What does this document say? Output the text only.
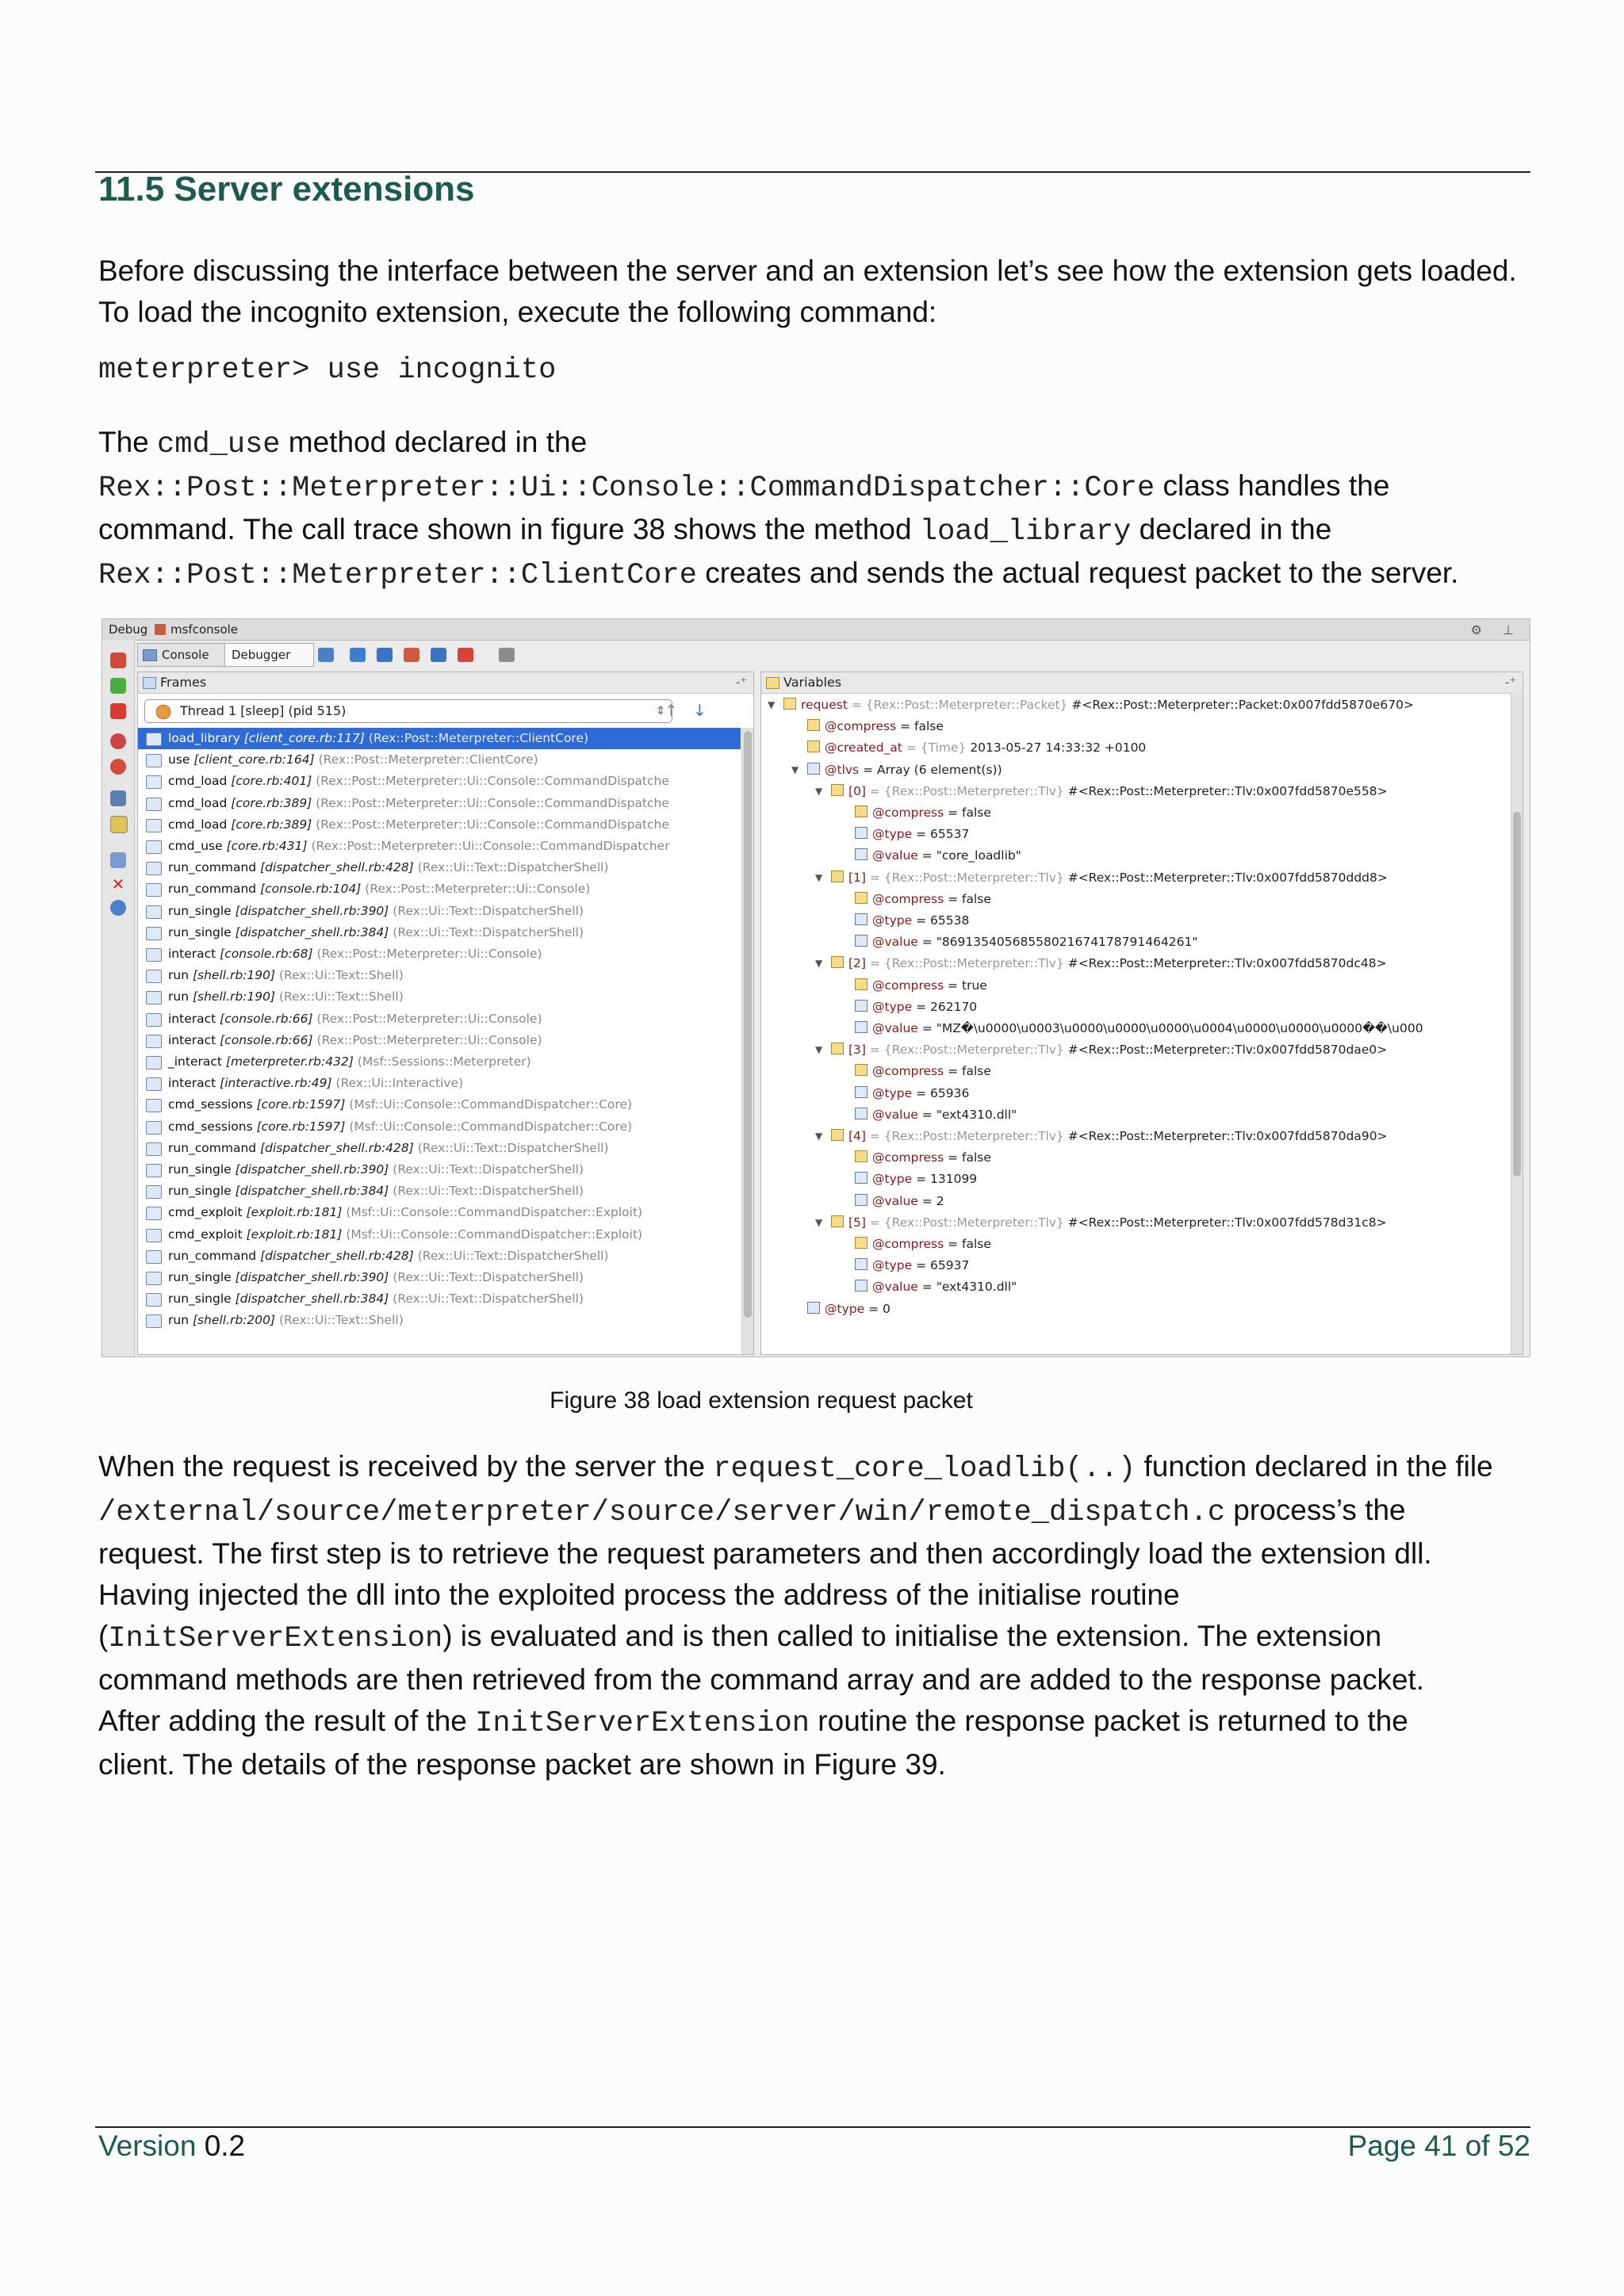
11.5 Server extensions
Before discussing the interface between the server and an extension let’s see how the extension gets loaded. To load the incognito extension, execute the following command:
meterpreter> use incognito
The cmd_use method declared in the
Rex::Post::Meterpreter::Ui::Console::CommandDispatcher::Core class handles the
command. The call trace shown in figure 38 shows the method load_library declared in the
Rex::Post::Meterpreter::ClientCore creates and sends the actual request packet to the server.
Debug msfconsole	⚙ ⊥
✕
Console	Debugger
Frames	-⁺
Thread 1 [sleep] (pid 515)	⇕ ↑ ↓
load_library [client_core.rb:117] (Rex::Post::Meterpreter::ClientCore)
use [client_core.rb:164] (Rex::Post::Meterpreter::ClientCore)
cmd_load [core.rb:401] (Rex::Post::Meterpreter::Ui::Console::CommandDispatche
cmd_load [core.rb:389] (Rex::Post::Meterpreter::Ui::Console::CommandDispatche
cmd_load [core.rb:389] (Rex::Post::Meterpreter::Ui::Console::CommandDispatche
cmd_use [core.rb:431] (Rex::Post::Meterpreter::Ui::Console::CommandDispatcher
run_command [dispatcher_shell.rb:428] (Rex::Ui::Text::DispatcherShell)
run_command [console.rb:104] (Rex::Post::Meterpreter::Ui::Console)
run_single [dispatcher_shell.rb:390] (Rex::Ui::Text::DispatcherShell)
run_single [dispatcher_shell.rb:384] (Rex::Ui::Text::DispatcherShell)
interact [console.rb:68] (Rex::Post::Meterpreter::Ui::Console)
run [shell.rb:190] (Rex::Ui::Text::Shell)
run [shell.rb:190] (Rex::Ui::Text::Shell)
interact [console.rb:66] (Rex::Post::Meterpreter::Ui::Console)
interact [console.rb:66] (Rex::Post::Meterpreter::Ui::Console)
_interact [meterpreter.rb:432] (Msf::Sessions::Meterpreter)
interact [interactive.rb:49] (Rex::Ui::Interactive)
cmd_sessions [core.rb:1597] (Msf::Ui::Console::CommandDispatcher::Core)
cmd_sessions [core.rb:1597] (Msf::Ui::Console::CommandDispatcher::Core)
run_command [dispatcher_shell.rb:428] (Rex::Ui::Text::DispatcherShell)
run_single [dispatcher_shell.rb:390] (Rex::Ui::Text::DispatcherShell)
run_single [dispatcher_shell.rb:384] (Rex::Ui::Text::DispatcherShell)
cmd_exploit [exploit.rb:181] (Msf::Ui::Console::CommandDispatcher::Exploit)
cmd_exploit [exploit.rb:181] (Msf::Ui::Console::CommandDispatcher::Exploit)
run_command [dispatcher_shell.rb:428] (Rex::Ui::Text::DispatcherShell)
run_single [dispatcher_shell.rb:390] (Rex::Ui::Text::DispatcherShell)
run_single [dispatcher_shell.rb:384] (Rex::Ui::Text::DispatcherShell)
run [shell.rb:200] (Rex::Ui::Text::Shell)
Variables	-⁺
▼	request = {Rex::Post::Meterpreter::Packet} #<Rex::Post::Meterpreter::Packet:0x007fdd5870e670>
@compress = false
@created_at = {Time} 2013-05-27 14:33:32 +0100
▼	@tlvs = Array (6 element(s))
▼	[0] = {Rex::Post::Meterpreter::Tlv} #<Rex::Post::Meterpreter::Tlv:0x007fdd5870e558>
@compress = false
@type = 65537
@value = "core_loadlib"
▼	[1] = {Rex::Post::Meterpreter::Tlv} #<Rex::Post::Meterpreter::Tlv:0x007fdd5870ddd8>
@compress = false
@type = 65538
@value = "86913540568558021674178791464261"
▼	[2] = {Rex::Post::Meterpreter::Tlv} #<Rex::Post::Meterpreter::Tlv:0x007fdd5870dc48>
@compress = true
@type = 262170
@value = "MZ�\u0000\u0003\u0000\u0000\u0000\u0004\u0000\u0000\u0000��\u000
▼	[3] = {Rex::Post::Meterpreter::Tlv} #<Rex::Post::Meterpreter::Tlv:0x007fdd5870dae0>
@compress = false
@type = 65936
@value = "ext4310.dll"
▼	[4] = {Rex::Post::Meterpreter::Tlv} #<Rex::Post::Meterpreter::Tlv:0x007fdd5870da90>
@compress = false
@type = 131099
@value = 2
▼	[5] = {Rex::Post::Meterpreter::Tlv} #<Rex::Post::Meterpreter::Tlv:0x007fdd578d31c8>
@compress = false
@type = 65937
@value = "ext4310.dll"
@type = 0
Figure 38 load extension request packet
When the request is received by the server the request_core_loadlib(..) function declared in the file
/external/source/meterpreter/source/server/win/remote_dispatch.c process’s the
request. The first step is to retrieve the request parameters and then accordingly load the extension dll.
Having injected the dll into the exploited process the address of the initialise routine
(InitServerExtension) is evaluated and is then called to initialise the extension. The extension
command methods are then retrieved from the command array and are added to the response packet.
After adding the result of the InitServerExtension routine the response packet is returned to the
client. The details of the response packet are shown in Figure 39.
Version 0.2	Page 41 of 52
